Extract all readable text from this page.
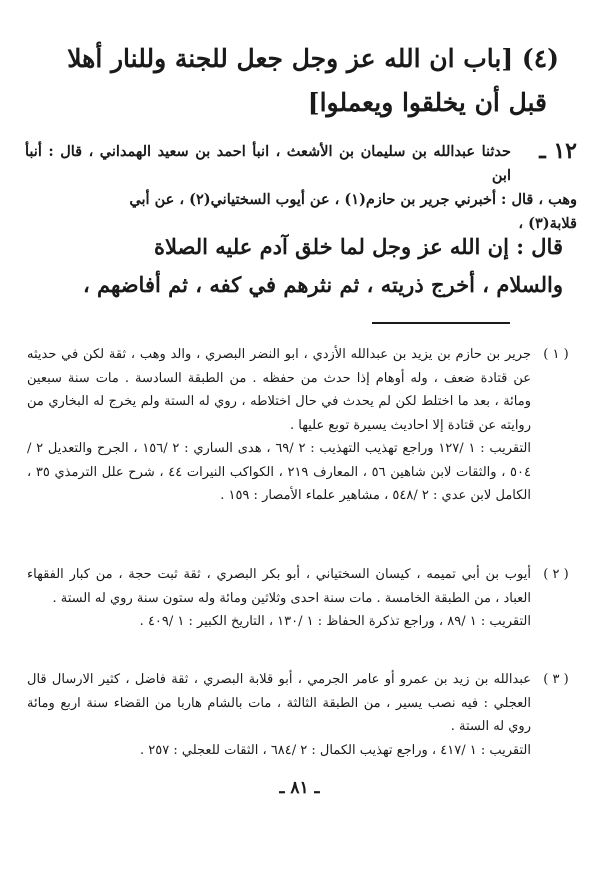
(٤) [باب ان الله عز وجل جعل للجنة وللنار أهلا
قبل أن يخلقوا ويعملوا]
١٢ ـ
حدثنا عبدالله بن سليمان بن الأشعث ، انبأ احمد بن سعيد الهمداني ، قال : أنبأ ابن
وهب ، قال : أخبرني جرير بن حازم(١) ، عن أيوب السختياني(٢) ، عن أبي
قلابة(٣) ،
قال : إن الله عز وجل لما خلق آدم عليه الصلاة
والسلام ، أخرج ذريته ، ثم نثرهم في كفه ، ثم أفاضهم ،
( ١ )
جرير بن حازم بن يزيد بن عبدالله الأزدي ، ابو النضر البصري ، والد وهب ، ثقة لكن في حديثه عن قتادة ضعف ، وله أوهام إذا حدث من حفظه . من الطبقة السادسة . مات سنة سبعين ومائة ، بعد ما اختلط لكن لم يحدث في حال اختلاطه ، روي له الستة ولم يخرج له البخاري من روايته عن قتادة إلا احاديث يسيرة توبع عليها .
التقريب : ١ /١٢٧ وراجع تهذيب التهذيب : ٢ /٦٩ ، هدى الساري : ٢ /١٥٦ ، الجرح والتعديل ٢ /٥٠٤ ، والثقات لابن شاهين ٥٦ ، المعارف ٢١٩ ، الكواكب النيرات ٤٤ ، شرح علل الترمذي ٣٥ ، الكامل لابن عدي : ٢ /٥٤٨ ، مشاهير علماء الأمصار : ١٥٩ .
( ٢ )
أيوب بن أبي تميمه ، كيسان السختياني ، أبو بكر البصري ، ثقة ثبت حجة ، من كبار الفقهاء العباد ، من الطبقة الخامسة . مات سنة احدى وثلاثين ومائة وله ستون سنة روي له الستة .
التقريب : ١ /٨٩ ، وراجع تذكرة الحفاظ : ١ /١٣٠ ، التاريخ الكبير : ١ /٤٠٩ .
( ٣ )
عبدالله بن زيد بن عمرو أو عامر الجرمي ، أبو قلابة البصري ، ثقة فاضل ، كثير الارسال قال العجلي : فيه نصب يسير ، من الطبقة الثالثة ، مات بالشام هاربا من القضاء سنة اربع ومائة روي له الستة .
التقريب : ١ /٤١٧ ، وراجع تهذيب الكمال : ٢ /٦٨٤ ، الثقات للعجلي : ٢٥٧ .
ـ ٨١ ـ
